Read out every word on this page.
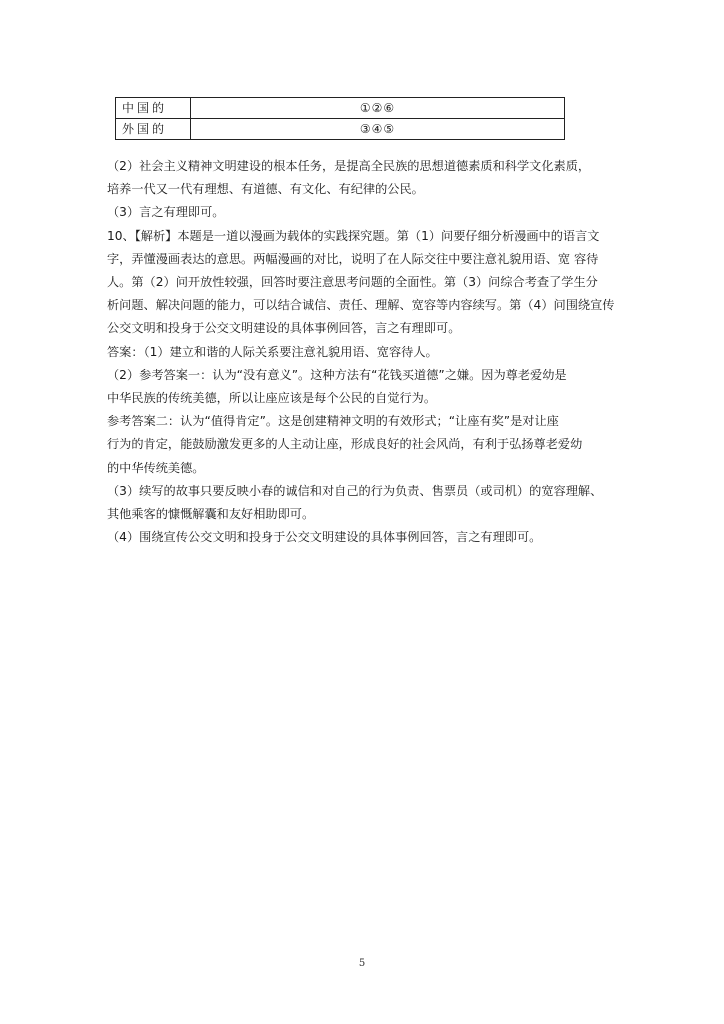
中国的	①②⑥
外国的	③④⑤

（2）社会主义精神文明建设的根本任务，是提高全民族的思想道德素质和科学文化素质，

培养一代又一代有理想、有道德、有文化、有纪律的公民。

（3）言之有理即可。

10、【解析】本题是一道以漫画为载体的实践探究题。第（1）问要仔细分析漫画中的语言文

字，弄懂漫画表达的意思。两幅漫画的对比，说明了在人际交往中要注意礼貌用语、宽 容待

人。第（2）问开放性较强，回答时要注意思考问题的全面性。第（3）问综合考查了学生分

析问题、解决问题的能力，可以结合诚信、责任、理解、宽容等内容续写。第（4）问围绕宣传

公交文明和投身于公交文明建设的具体事例回答，言之有理即可。

答案：（1）建立和谐的人际关系要注意礼貌用语、宽容待人。

（2）参考答案一：认为“没有意义”。这种方法有“花钱买道德”之嫌。因为尊老爱幼是

中华民族的传统美德，所以让座应该是每个公民的自觉行为。

参考答案二：认为“值得肯定”。这是创建精神文明的有效形式；“让座有奖”是对让座

行为的肯定，能鼓励激发更多的人主动让座，形成良好的社会风尚，有利于弘扬尊老爱幼

的中华传统美德。

（3）续写的故事只要反映小春的诚信和对自己的行为负责、售票员（或司机）的宽容理解、

其他乘客的慷慨解囊和友好相助即可。

（4）围绕宣传公交文明和投身于公交文明建设的具体事例回答，言之有理即可。

5
